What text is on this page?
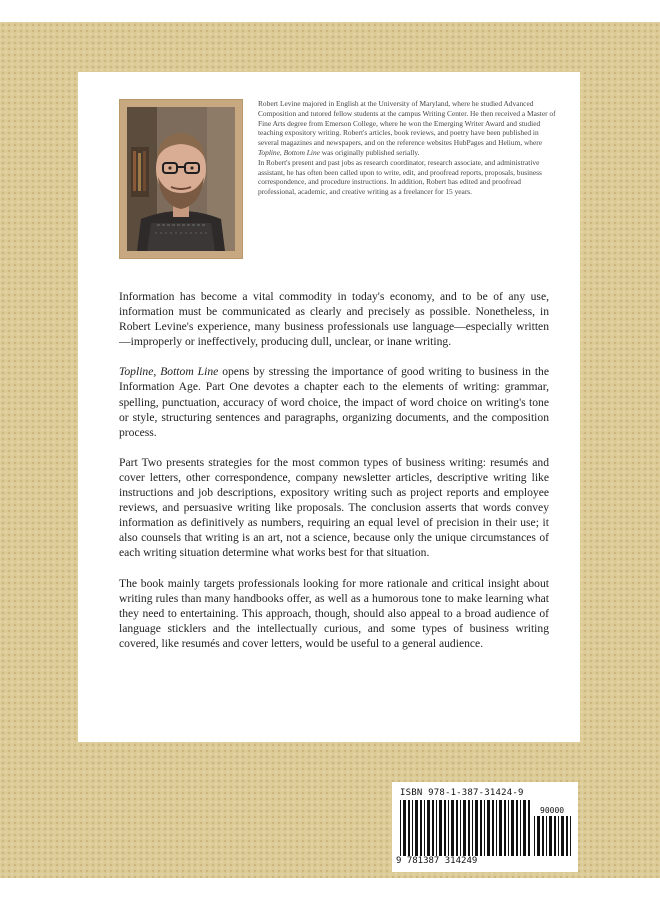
Robert Levine majored in English at the University of Maryland, where he studied Advanced Composition and tutored fellow students at the campus Writing Center. He then received a Master of Fine Arts degree from Emerson College, where he won the Emerging Writer Award and studied teaching expository writing. Robert's articles, book reviews, and poetry have been published in several magazines and newspapers, and on the reference websites HubPages and Helium, where Topline, Bottom Line was originally published serially.

In Robert's present and past jobs as research coordinator, research associate, and administrative assistant, he has often been called upon to write, edit, and proofread reports, proposals, business correspondence, and procedure instructions. In addition, Robert has edited and proofread professional, academic, and creative writing as a freelancer for 15 years.

Information has become a vital commodity in today's economy, and to be of any use, information must be communicated as clearly and precisely as possible. Nonetheless, in Robert Levine's experience, many business professionals use language—especially written—improperly or ineffectively, producing dull, unclear, or inane writing.

Topline, Bottom Line opens by stressing the importance of good writing to business in the Information Age. Part One devotes a chapter each to the elements of writing: grammar, spelling, punctuation, accuracy of word choice, the impact of word choice on writing's tone or style, structuring sentences and paragraphs, organizing documents, and the composition process.

Part Two presents strategies for the most common types of business writing: resumés and cover letters, other correspondence, company newsletter articles, descriptive writing like instructions and job descriptions, expository writing such as project reports and employee reviews, and persuasive writing like proposals. The conclusion asserts that words convey information as definitively as numbers, requiring an equal level of precision in their use; it also counsels that writing is an art, not a science, because only the unique circumstances of each writing situation determine what works best for that situation.

The book mainly targets professionals looking for more rationale and critical insight about writing rules than many handbooks offer, as well as a humorous tone to make learning what they need to entertaining. This approach, though, should also appeal to a broad audience of language sticklers and the intellectually curious, and some types of business writing covered, like resumés and cover letters, would be useful to a general audience.

ISBN 978-1-387-31424-9
90000
9 781387 314249
